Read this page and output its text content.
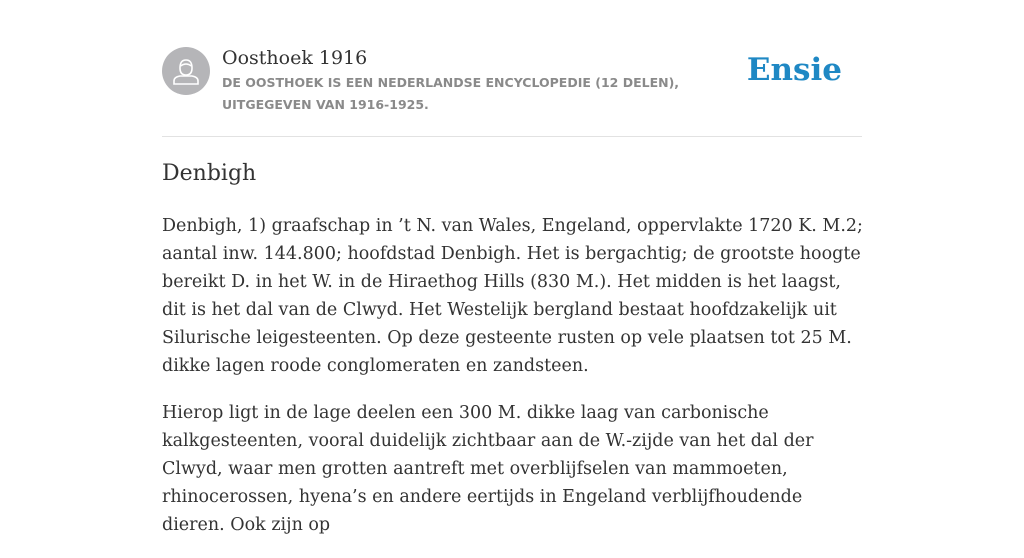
Oosthoek 1916
DE OOSTHOEK IS EEN NEDERLANDSE ENCYCLOPEDIE (12 DELEN), UITGEGEVEN VAN 1916-1925.
Ensie
Denbigh

Denbigh, 1) graafschap in ’t N. van Wales, Engeland, oppervlakte 1720 K. M.2; aantal inw. 144.800; hoofdstad Denbigh. Het is bergachtig; de grootste hoogte bereikt D. in het W. in de Hiraethog Hills (830 M.). Het midden is het laagst, dit is het dal van de Clwyd. Het Westelijk bergland bestaat hoofdzakelijk uit Silurische leigesteenten. Op deze gesteente rusten op vele plaatsen tot 25 M. dikke lagen roode conglomeraten en zandsteen.

Hierop ligt in de lage deelen een 300 M. dikke laag van carbonische kalkgesteenten, vooral duidelijk zichtbaar aan de W.-zijde van het dal der Clwyd, waar men grotten aantreft met overblijfselen van mammoeten, rhinocerossen, hyena’s en andere eertijds in Engeland verblijfhoudende dieren. Ook zijn op
